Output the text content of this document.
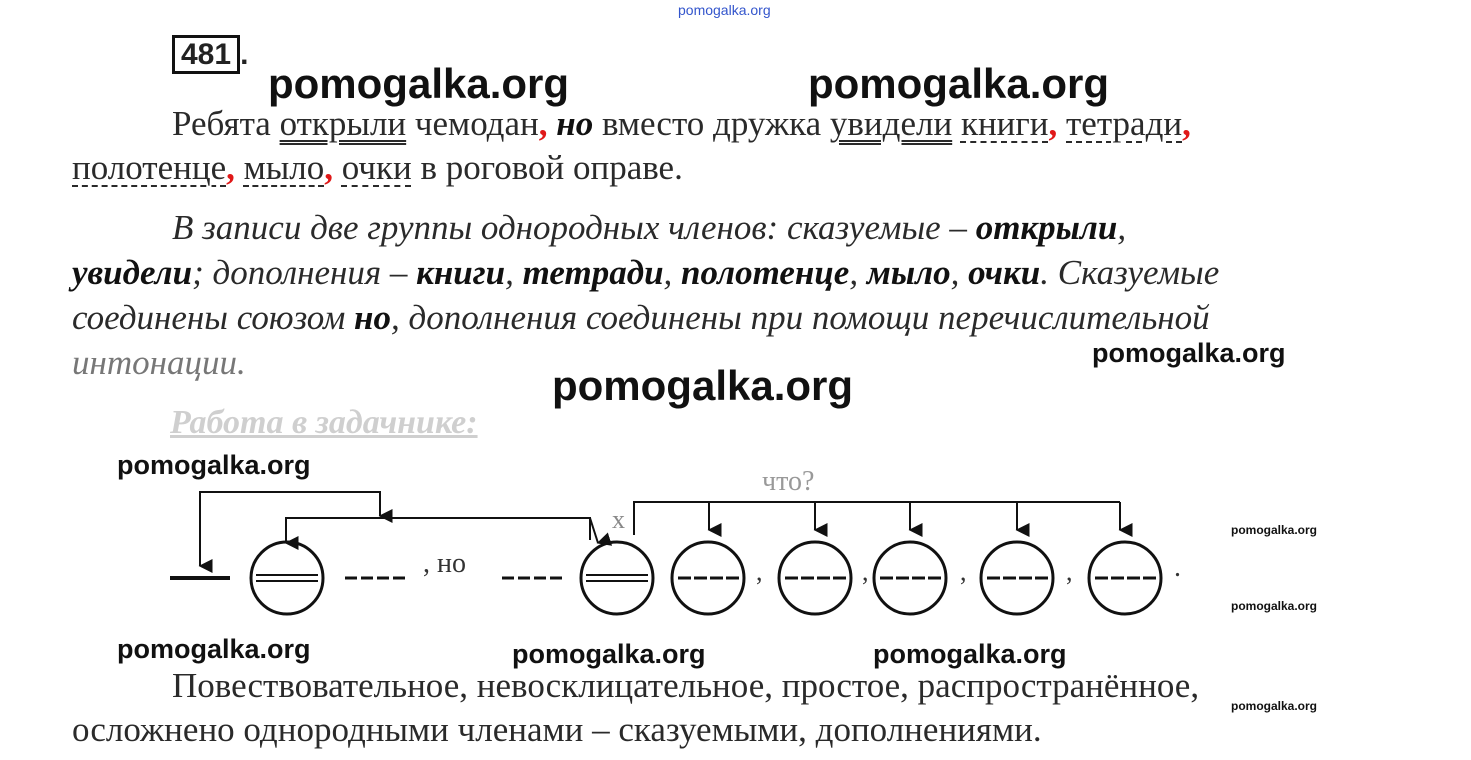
pomogalka.org
481 .
pomogalka.org	pomogalka.org
Ребята открыли чемодан, но вместо дружка увидели книги, тетради,
полотенце, мыло, очки в роговой оправе.
В записи две группы однородных членов: сказуемые – открыли,
увидели; дополнения – книги, тетради, полотенце, мыло, очки. Сказуемые
соединены союзом но, дополнения соединены при помощи перечислительной
интонации.	pomogalka.org
pomogalka.org
Работа в задачнике:
pomogalka.org
, но
х
что?
,	,	,	,	.
pomogalka.org
pomogalka.org
pomogalka.org	pomogalka.org	pomogalka.org
Повествовательное, невосклицательное, простое, распространённое,
pomogalka.org
осложнено однородными членами – сказуемыми, дополнениями.
